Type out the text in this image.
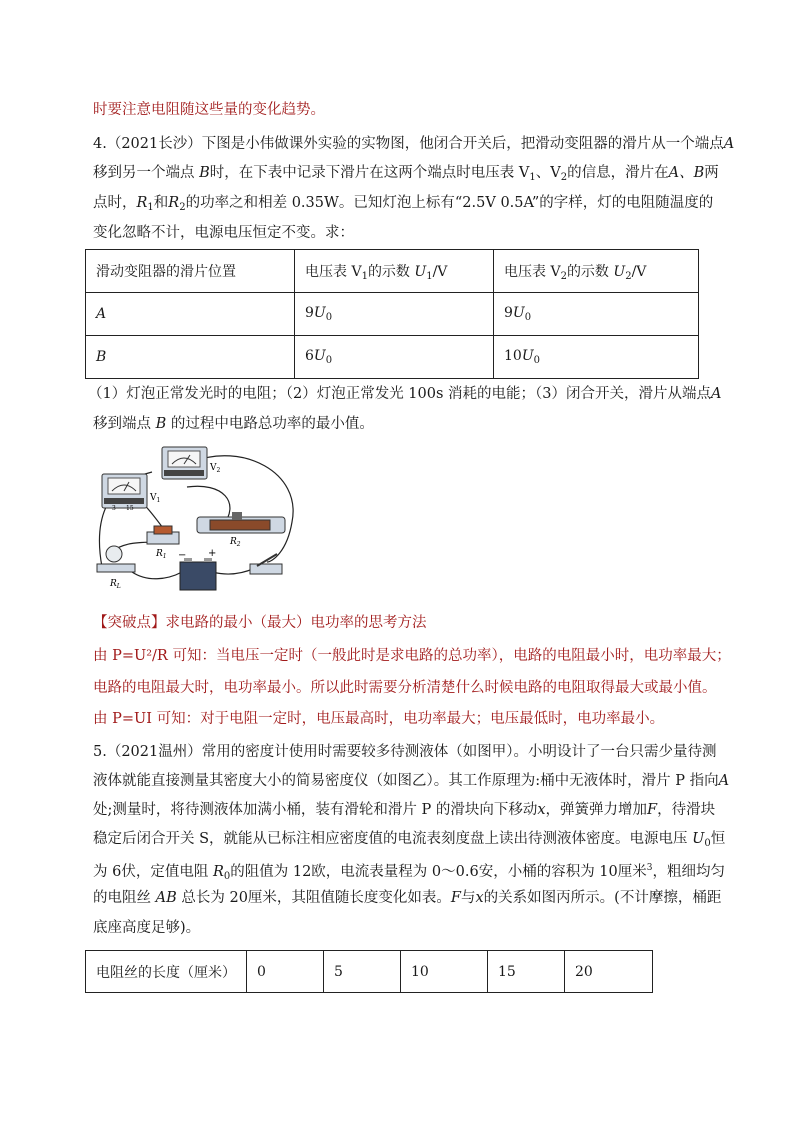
时要注意电阻随这些量的变化趋势。
4.（2021长沙）下图是小伟做课外实验的实物图，他闭合开关后，把滑动变阻器的滑片从一个端点A
移到另一个端点 B时，在下表中记录下滑片在这两个端点时电压表 $V_1$、$V_2$的信息，滑片在A、B两
点时，$R_1$和$R_2$的功率之和相差 0.35W。已知灯泡上标有“2.5V 0.5A”的字样，灯的电阻随温度的
变化忽略不计，电源电压恒定不变。求：
滑动变阻器的滑片位置	电压表 $V_1$的示数 $U_1/V$	电压表 $V_2$的示数 $U_2/V$
A	$9U_0$	$9U_0$
B	$6U_0$	$10U_0$
（1）灯泡正常发光时的电阻；（2）灯泡正常发光 100s 消耗的电能；（3）闭合开关，滑片从端点A
移到端点 B 的过程中电路总功率的最小值。
$V_2$
3 15
$V_1$
$R_1$
$R_2$
$R_L$
+
−
【突破点】求电路的最小（最大）电功率的思考方法
由 P=U²/R 可知：当电压一定时（一般此时是求电路的总功率），电路的电阻最小时，电功率最大；
电路的电阻最大时，电功率最小。所以此时需要分析清楚什么时候电路的电阻取得最大或最小值。
由 P=UI 可知：对于电阻一定时，电压最高时，电功率最大；电压最低时，电功率最小。
5.（2021温州）常用的密度计使用时需要较多待测液体（如图甲）。小明设计了一台只需少量待测
液体就能直接测量其密度大小的简易密度仪（如图乙）。其工作原理为:桶中无液体时，滑片 P 指向A
处;测量时，将待测液体加满小桶，装有滑轮和滑片 P 的滑块向下移动x，弹簧弹力增加F，待滑块
稳定后闭合开关 S，就能从已标注相应密度值的电流表刻度盘上读出待测液体密度。电源电压 $U_0$恒
为 6伏，定值电阻 $R_0$的阻值为 12欧，电流表量程为 0～0.6安，小桶的容积为 10厘米$^3$，粗细均匀
的电阻丝 AB 总长为 20厘米，其阻值随长度变化如表。F与x的关系如图丙所示。(不计摩擦，桶距
底座高度足够)。
电阻丝的长度（厘米）	0	5	10	15	20
